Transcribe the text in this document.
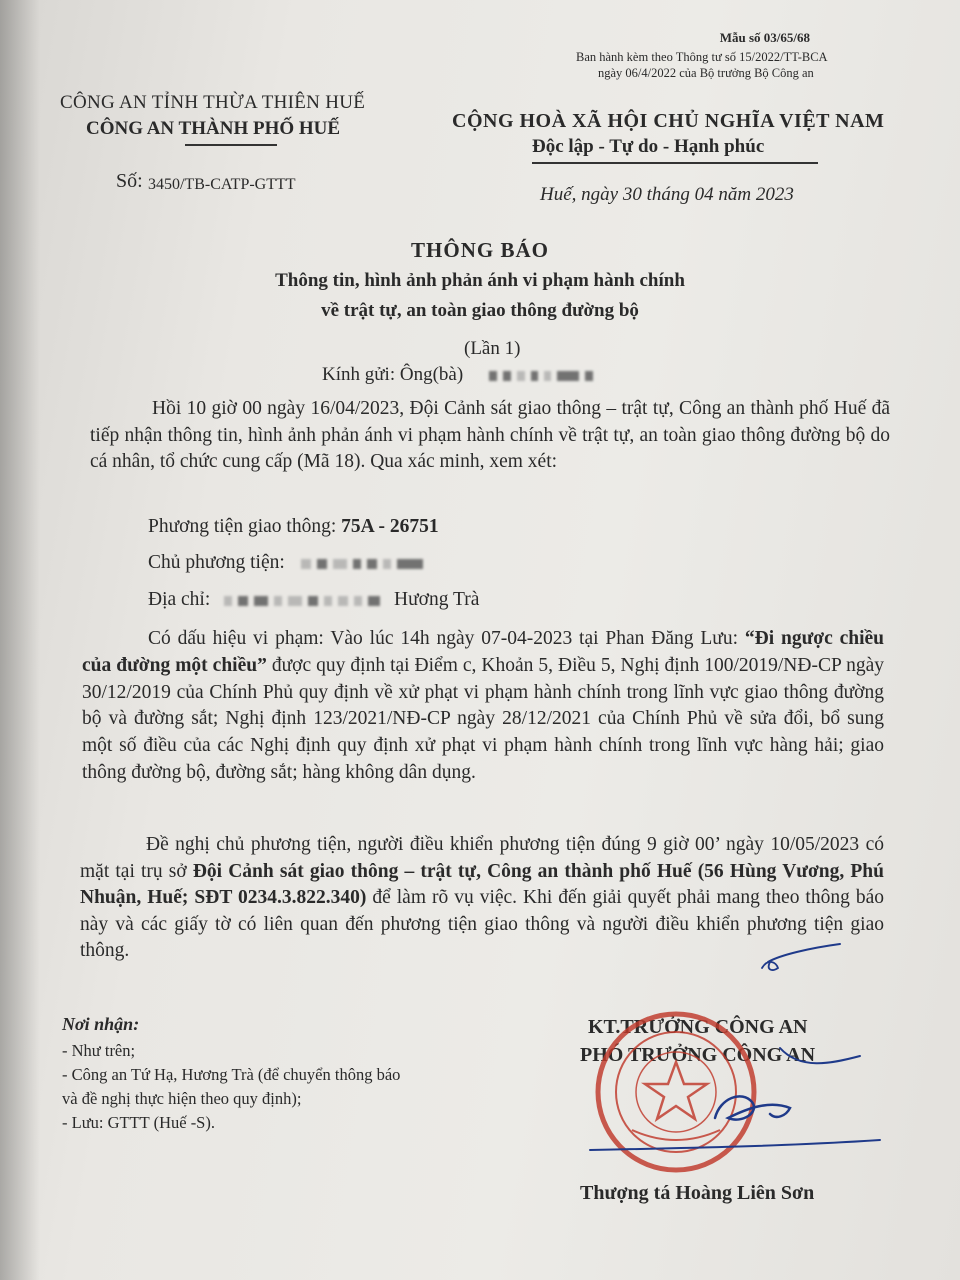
Mẫu số 03/65/68
Ban hành kèm theo Thông tư số 15/2022/TT-BCA
ngày 06/4/2022 của Bộ trưởng Bộ Công an
CÔNG AN TỈNH THỪA THIÊN HUẾ
CÔNG AN THÀNH PHỐ HUẾ
Số: 3450/TB-CATP-GTTT
CỘNG HOÀ XÃ HỘI CHỦ NGHĨA VIỆT NAM
Độc lập - Tự do - Hạnh phúc
Huế, ngày 30 tháng 04 năm 2023
THÔNG BÁO
Thông tin, hình ảnh phản ánh vi phạm hành chính
về trật tự, an toàn giao thông đường bộ
(Lần 1)
Kính gửi: Ông(bà)
Hồi 10 giờ 00 ngày 16/04/2023, Đội Cảnh sát giao thông – trật tự, Công an thành phố Huế đã tiếp nhận thông tin, hình ảnh phản ánh vi phạm hành chính về trật tự, an toàn giao thông đường bộ do cá nhân, tổ chức cung cấp (Mã 18). Qua xác minh, xem xét:
Phương tiện giao thông: 75A - 26751
Chủ phương tiện:
Địa chỉ:	Hương Trà
Có dấu hiệu vi phạm: Vào lúc 14h ngày 07-04-2023 tại Phan Đăng Lưu: “Đi ngược chiều của đường một chiều” được quy định tại Điểm c, Khoản 5, Điều 5, Nghị định 100/2019/NĐ-CP ngày 30/12/2019 của Chính Phủ quy định về xử phạt vi phạm hành chính trong lĩnh vực giao thông đường bộ và đường sắt; Nghị định 123/2021/NĐ-CP ngày 28/12/2021 của Chính Phủ về sửa đổi, bổ sung một số điều của các Nghị định quy định xử phạt vi phạm hành chính trong lĩnh vực hàng hải; giao thông đường bộ, đường sắt; hàng không dân dụng.
Đề nghị chủ phương tiện, người điều khiển phương tiện đúng 9 giờ 00’ ngày 10/05/2023 có mặt tại trụ sở Đội Cảnh sát giao thông – trật tự, Công an thành phố Huế (56 Hùng Vương, Phú Nhuận, Huế; SĐT 0234.3.822.340) để làm rõ vụ việc. Khi đến giải quyết phải mang theo thông báo này và các giấy tờ có liên quan đến phương tiện giao thông và người điều khiển phương tiện giao thông.
Nơi nhận:
- Như trên;
- Công an Tứ Hạ, Hương Trà (để chuyển thông báo
và đề nghị thực hiện theo quy định);
- Lưu: GTTT (Huế -S).
KT.TRƯỞNG CÔNG AN
PHÓ TRƯỞNG CÔNG AN
Thượng tá Hoàng Liên Sơn
